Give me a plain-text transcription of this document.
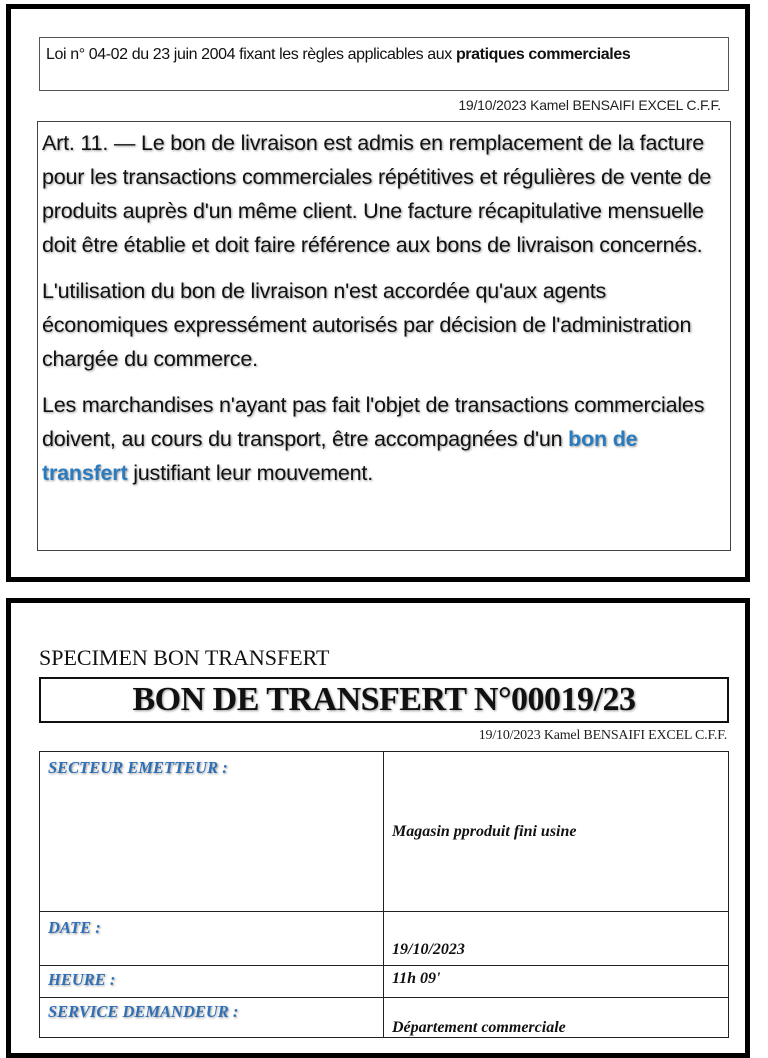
Loi n° 04-02 du 23 juin 2004 fixant les règles applicables aux pratiques commerciales
19/10/2023 Kamel BENSAIFI EXCEL C.F.F.

Art. 11. — Le bon de livraison est admis en remplacement de la facture pour les transactions commerciales répétitives et régulières de vente de produits auprès d'un même client. Une facture récapitulative mensuelle doit être établie et doit faire référence aux bons de livraison concernés.

L'utilisation du bon de livraison n'est accordée qu'aux agents économiques expressément autorisés par décision de l'administration chargée du commerce.

Les marchandises n'ayant pas fait l'objet de transactions commerciales doivent, au cours du transport, être accompagnées d'un bon de transfert justifiant leur mouvement.

SPECIMEN BON TRANSFERT
BON DE TRANSFERT N°00019/23
19/10/2023 Kamel BENSAIFI EXCEL C.F.F.
SECTEUR EMETTEUR :	Magasin pproduit fini usine
DATE :	19/10/2023
HEURE :	11h 09'
SERVICE DEMANDEUR :	Département commerciale
